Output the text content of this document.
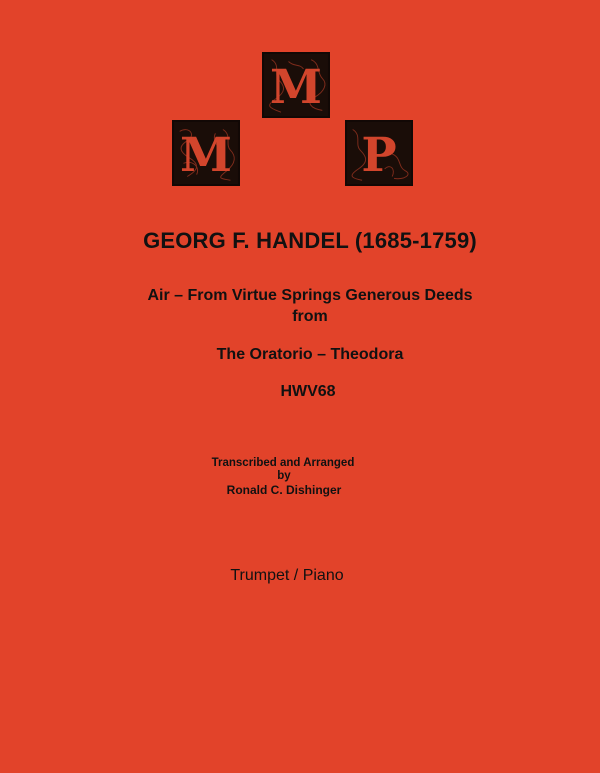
M
M
P
GEORG F. HANDEL (1685-1759)
Air – From Virtue Springs Generous Deeds
from
The Oratorio – Theodora
HWV68
Transcribed and Arranged
by
Ronald C. Dishinger
Trumpet / Piano
